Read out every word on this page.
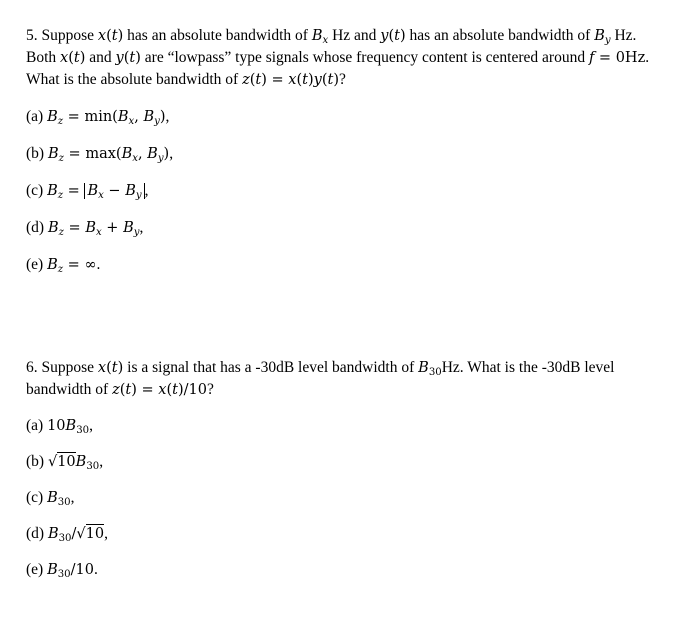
5. Suppose x(t) has an absolute bandwidth of $B_x$ Hz and y(t) has an absolute bandwidth of $B_y$ Hz. Both x(t) and y(t) are “lowpass” type signals whose frequency content is centered around f = 0Hz. What is the absolute bandwidth of z(t) = x(t)y(t)?

(a) $B_z = \min(B_x$, $B_y$),

(b) $B_z = \max(B_x$, $B_y$),

(c) $B_z = B_x - B_y$ ,

(d) $B_z = B_x + B_y$,

(e) $B_z$ = ∞.

6. Suppose x(t) is a signal that has a -30dB level bandwidth of $B_{30}Hz$. What is the -30dB level bandwidth of z(t) = x(t)/10?

(a) $10B_{30}$,

(b) $√10B_{30}$,

(c) $B_{30}$,

(d) $B_{30}/√10$,

(e) $B_{30}/10$.
